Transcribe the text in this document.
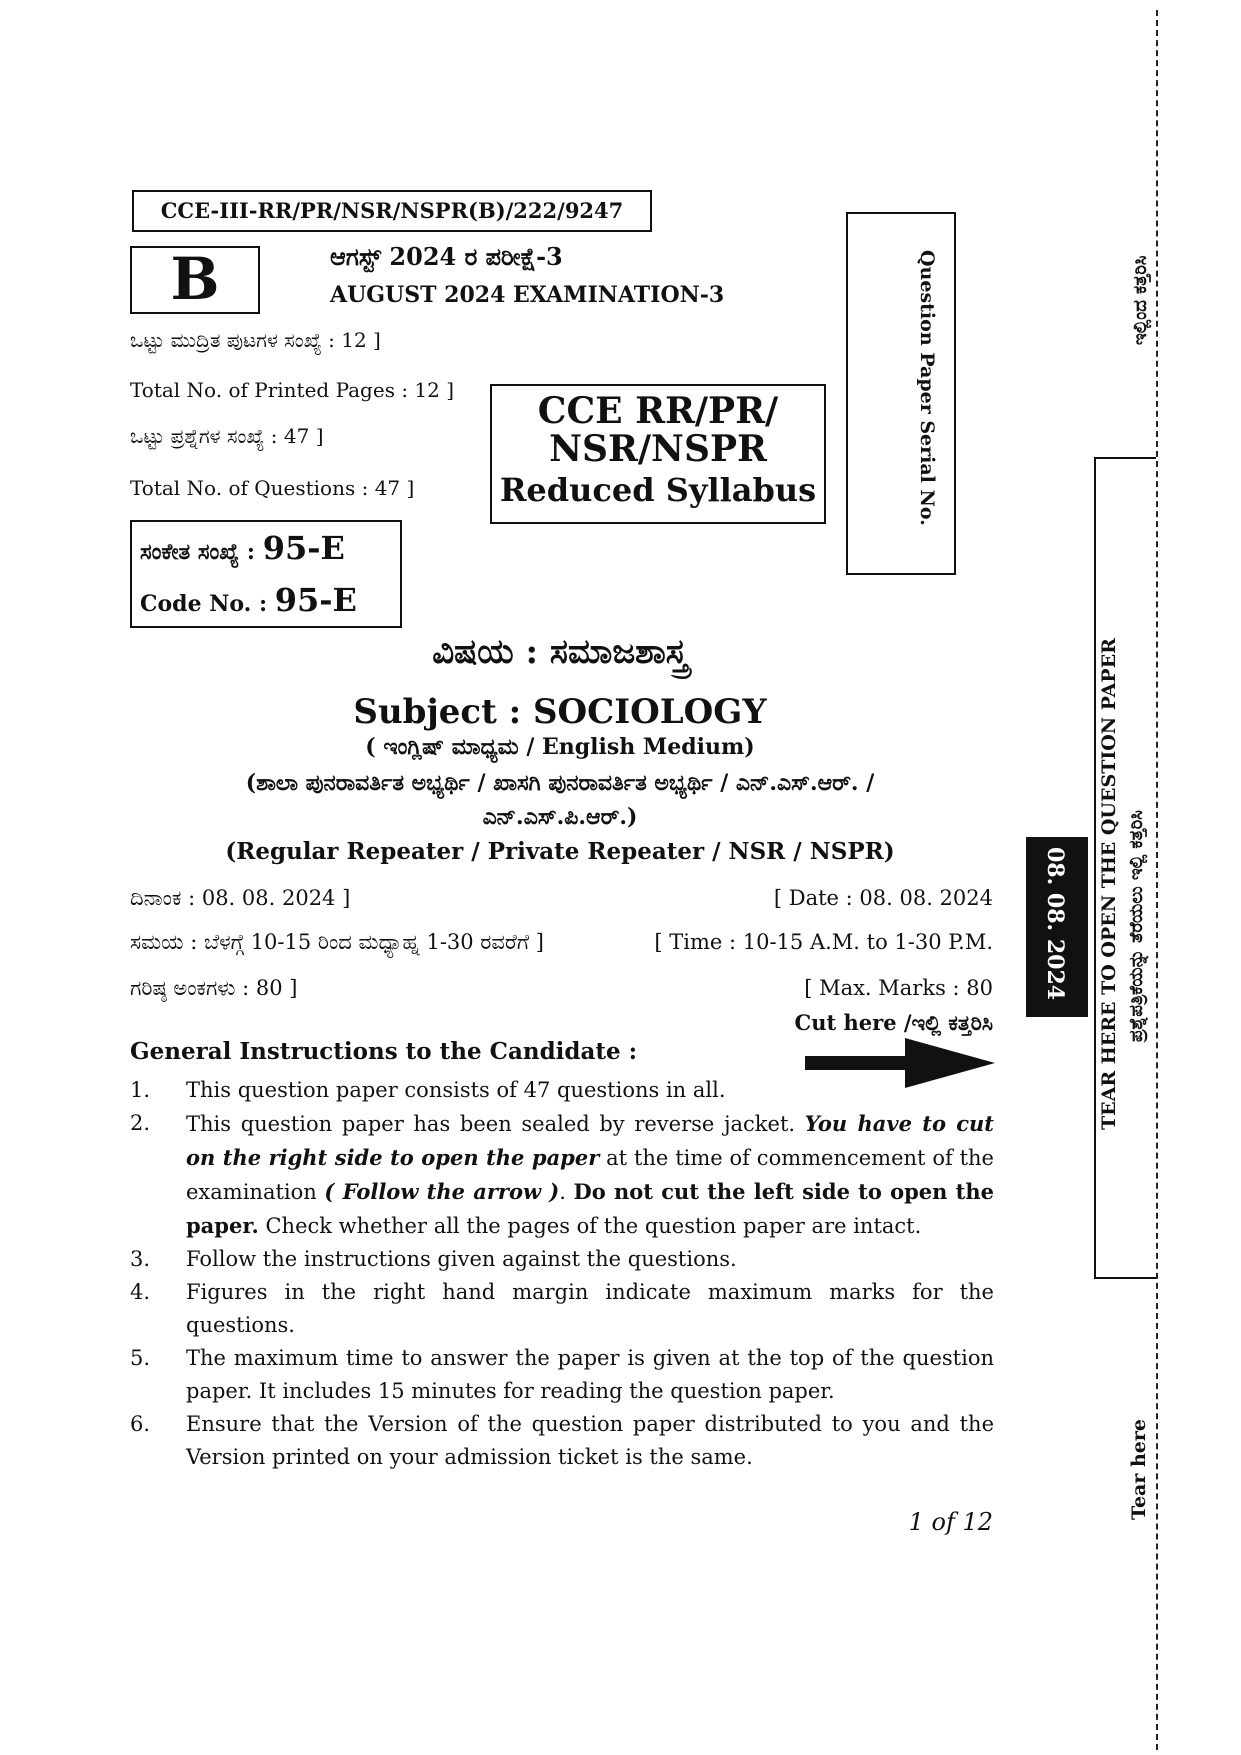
CCE-III-RR/PR/NSR/NSPR(B)/222/9247
B	ಆಗಸ್ಟ್ 2024 ರ ಪರೀಕ್ಷೆ-3
AUGUST 2024 EXAMINATION-3
ಒಟ್ಟು ಮುದ್ರಿತ ಪುಟಗಳ ಸಂಖ್ಯೆ : 12 ]
Total No. of Printed Pages : 12 ]
ಒಟ್ಟು ಪ್ರಶ್ನೆಗಳ ಸಂಖ್ಯೆ : 47 ]
Total No. of Questions : 47 ]
CCE RR/PR/
NSR/NSPR
Reduced Syllabus	Question Paper Serial No.
ಸಂಕೇತ ಸಂಖ್ಯೆ : 95-E
Code No. : 95-E
ವಿಷಯ : ಸಮಾಜಶಾಸ್ತ್ರ
Subject : SOCIOLOGY
( ಇಂಗ್ಲಿಷ್ ಮಾಧ್ಯಮ / English Medium)
(ಶಾಲಾ ಪುನರಾವರ್ತಿತ ಅಭ್ಯರ್ಥಿ / ಖಾಸಗಿ ಪುನರಾವರ್ತಿತ ಅಭ್ಯರ್ಥಿ / ಎನ್.ಎಸ್.ಆರ್. /
ಎನ್.ಎಸ್.ಪಿ.ಆರ್.)
(Regular Repeater / Private Repeater / NSR / NSPR)
ದಿನಾಂಕ : 08. 08. 2024 ]	[ Date : 08. 08. 2024
ಸಮಯ : ಬೆಳಗ್ಗೆ 10-15 ರಿಂದ ಮಧ್ಯಾಹ್ನ 1-30 ರವರೆಗೆ ]	[ Time : 10-15 A.M. to 1-30 P.M.
ಗರಿಷ್ಠ ಅಂಕಗಳು : 80 ]	[ Max. Marks : 80
Cut here /ಇಲ್ಲಿ ಕತ್ತರಿಸಿ
General Instructions to the Candidate :
1.	This question paper consists of 47 questions in all.
2.	This question paper has been sealed by reverse jacket. You have to cut on the right side to open the paper at the time of commencement of the examination ( Follow the arrow ). Do not cut the left side to open the paper. Check whether all the pages of the question paper are intact.
3.	Follow the instructions given against the questions.
4.	Figures in the right hand margin indicate maximum marks for the questions.
5.	The maximum time to answer the paper is given at the top of the question paper. It includes 15 minutes for reading the question paper.
6.	Ensure that the Version of the question paper distributed to you and the Version printed on your admission ticket is the same.
1 of 12
08. 08. 2024 TEAR HERE TO OPEN THE QUESTION PAPER ಪ್ರಶ್ನೆಪತ್ರಿಕೆಯನ್ನು ತೆರೆಯಲು ಇಲ್ಲಿ ಕತ್ತರಿಸಿ
ಇಲ್ಲಿಂದ ಕತ್ತರಿಸಿ
Tear here
